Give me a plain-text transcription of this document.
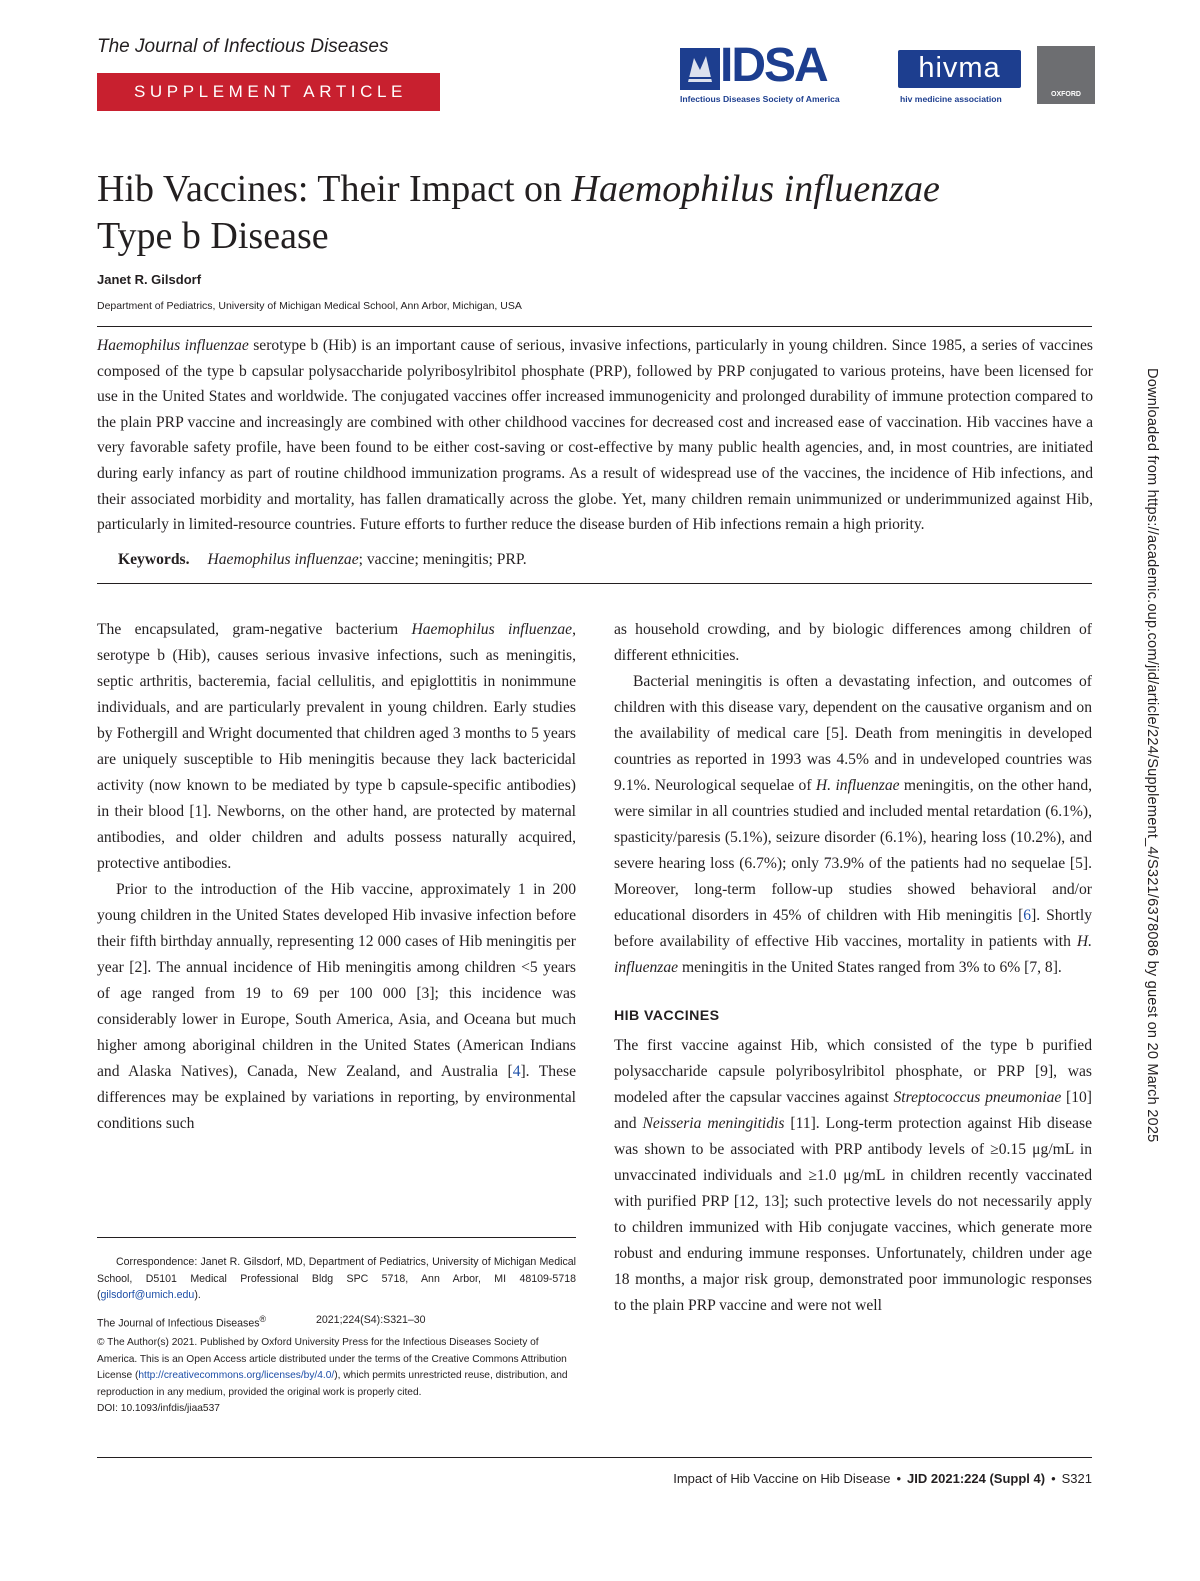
The Journal of Infectious Diseases
SUPPLEMENT ARTICLE	IDSA
Infectious Diseases Society of America
hivma
hiv medicine association	OXFORD
Hib Vaccines: Their Impact on Haemophilus influenzae
Type b Disease
Janet R. Gilsdorf
Department of Pediatrics, University of Michigan Medical School, Ann Arbor, Michigan, USA

Haemophilus influenzae serotype b (Hib) is an important cause of serious, invasive infections, particularly in young children. Since 1985, a series of vaccines composed of the type b capsular polysaccharide polyribosylribitol phosphate (PRP), followed by PRP conjugated to various proteins, have been licensed for use in the United States and worldwide. The conjugated vaccines offer increased immunogenicity and prolonged durability of immune protection compared to the plain PRP vaccine and increasingly are combined with other childhood vaccines for decreased cost and increased ease of vaccination. Hib vaccines have a very favorable safety profile, have been found to be either cost-saving or cost-effective by many public health agencies, and, in most countries, are initiated during early infancy as part of routine childhood immunization programs. As a result of widespread use of the vaccines, the incidence of Hib infections, and their associated morbidity and mortality, has fallen dramatically across the globe. Yet, many children remain unimmunized or underimmunized against Hib, particularly in limited-resource countries. Future efforts to further reduce the disease burden of Hib infections remain a high priority.

Keywords. Haemophilus influenzae; vaccine; meningitis; PRP.

The encapsulated, gram-negative bacterium Haemophilus influenzae, serotype b (Hib), causes serious invasive infections, such as meningitis, septic arthritis, bacteremia, facial cellulitis, and epiglottitis in nonimmune individuals, and are particularly prevalent in young children. Early studies by Fothergill and Wright documented that children aged 3 months to 5 years are uniquely susceptible to Hib meningitis because they lack bactericidal activity (now known to be mediated by type b capsule-specific antibodies) in their blood [1]. Newborns, on the other hand, are protected by maternal antibodies, and older children and adults possess naturally acquired, protective antibodies.

Prior to the introduction of the Hib vaccine, approximately 1 in 200 young children in the United States developed Hib invasive infection before their fifth birthday annually, representing 12 000 cases of Hib meningitis per year [2]. The annual incidence of Hib meningitis among children <5 years of age ranged from 19 to 69 per 100 000 [3]; this incidence was considerably lower in Europe, South America, Asia, and Oceana but much higher among aboriginal children in the United States (American Indians and Alaska Natives), Canada, New Zealand, and Australia [4]. These differences may be explained by variations in reporting, by environmental conditions such

as household crowding, and by biologic differences among children of different ethnicities.

Bacterial meningitis is often a devastating infection, and outcomes of children with this disease vary, dependent on the causative organism and on the availability of medical care [5]. Death from meningitis in developed countries as reported in 1993 was 4.5% and in undeveloped countries was 9.1%. Neurological sequelae of H. influenzae meningitis, on the other hand, were similar in all countries studied and included mental retardation (6.1%), spasticity/paresis (5.1%), seizure disorder (6.1%), hearing loss (10.2%), and severe hearing loss (6.7%); only 73.9% of the patients had no sequelae [5]. Moreover, long-term follow-up studies showed behavioral and/or educational disorders in 45% of children with Hib meningitis [6]. Shortly before availability of effective Hib vaccines, mortality in patients with H. influenzae meningitis in the United States ranged from 3% to 6% [7, 8].

HIB VACCINES

The first vaccine against Hib, which consisted of the type b purified polysaccharide capsule polyribosylribitol phosphate, or PRP [9], was modeled after the capsular vaccines against Streptococcus pneumoniae [10] and Neisseria meningitidis [11]. Long-term protection against Hib disease was shown to be associated with PRP antibody levels of ≥0.15 μg/mL in unvaccinated individuals and ≥1.0 μg/mL in children recently vaccinated with purified PRP [12, 13]; such protective levels do not necessarily apply to children immunized with Hib conjugate vaccines, which generate more robust and enduring immune responses. Unfortunately, children under age 18 months, a major risk group, demonstrated poor immunologic responses to the plain PRP vaccine and were not well

Correspondence: Janet R. Gilsdorf, MD, Department of Pediatrics, University of Michigan Medical School, D5101 Medical Professional Bldg SPC 5718, Ann Arbor, MI 48109-5718 (gilsdorf@umich.edu).

The Journal of Infectious Diseases®	2021;224(S4):S321–30

© The Author(s) 2021. Published by Oxford University Press for the Infectious Diseases Society of America. This is an Open Access article distributed under the terms of the Creative Commons Attribution License (http://creativecommons.org/licenses/by/4.0/), which permits unrestricted reuse, distribution, and reproduction in any medium, provided the original work is properly cited.
DOI: 10.1093/infdis/jiaa537

Impact of Hib Vaccine on Hib Disease • JID 2021:224 (Suppl 4) • S321
Downloaded from https://academic.oup.com/jid/article/224/Supplement_4/S321/6378086 by guest on 20 March 2025
